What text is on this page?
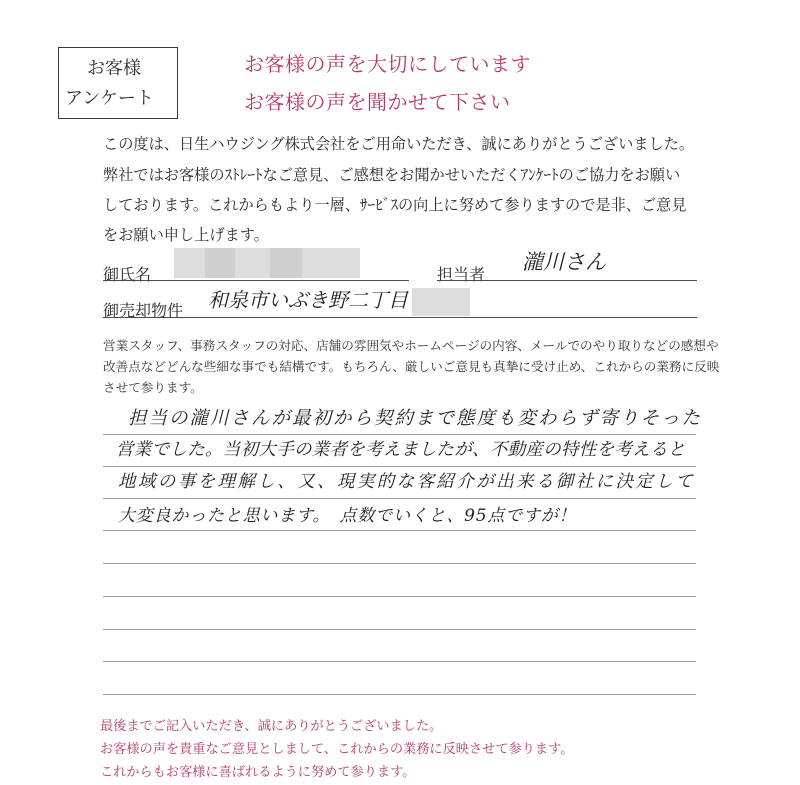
お客様
アンケート
お客様の声を大切にしています
お客様の声を聞かせて下さい
この度は、日生ハウジング株式会社をご用命いただき、誠にありがとうございました。
弊社ではお客様のｽﾄﾚｰﾄなご意見、ご感想をお聞かせいただくｱﾝｹｰﾄのご協力をお願い
しております。これからもより一層、ｻｰﾋﾞｽの向上に努めて参りますので是非、ご意見
をお願い申し上げます。
御氏名	担当者
瀧川さん
御売却物件 和泉市いぶき野二丁目
営業スタッフ、事務スタッフの対応、店舗の雰囲気やホームページの内容、メールでのやり取りなどの感想や
改善点などどんな些細な事でも結構です。もちろん、厳しいご意見も真摯に受け止め、これからの業務に反映
させて参ります。
担当の瀧川さんが最初から契約まで態度も変わらず寄りそった
営業でした。当初大手の業者を考えましたが、不動産の特性を考えると
地域の事を理解し、又、現実的な客紹介が出来る御社に決定して
大変良かったと思います。　点数でいくと、95点ですが！
最後までご記入いただき、誠にありがとうございました。
お客様の声を貴重なご意見としまして、これからの業務に反映させて参ります。
これからもお客様に喜ばれるように努めて参ります。
